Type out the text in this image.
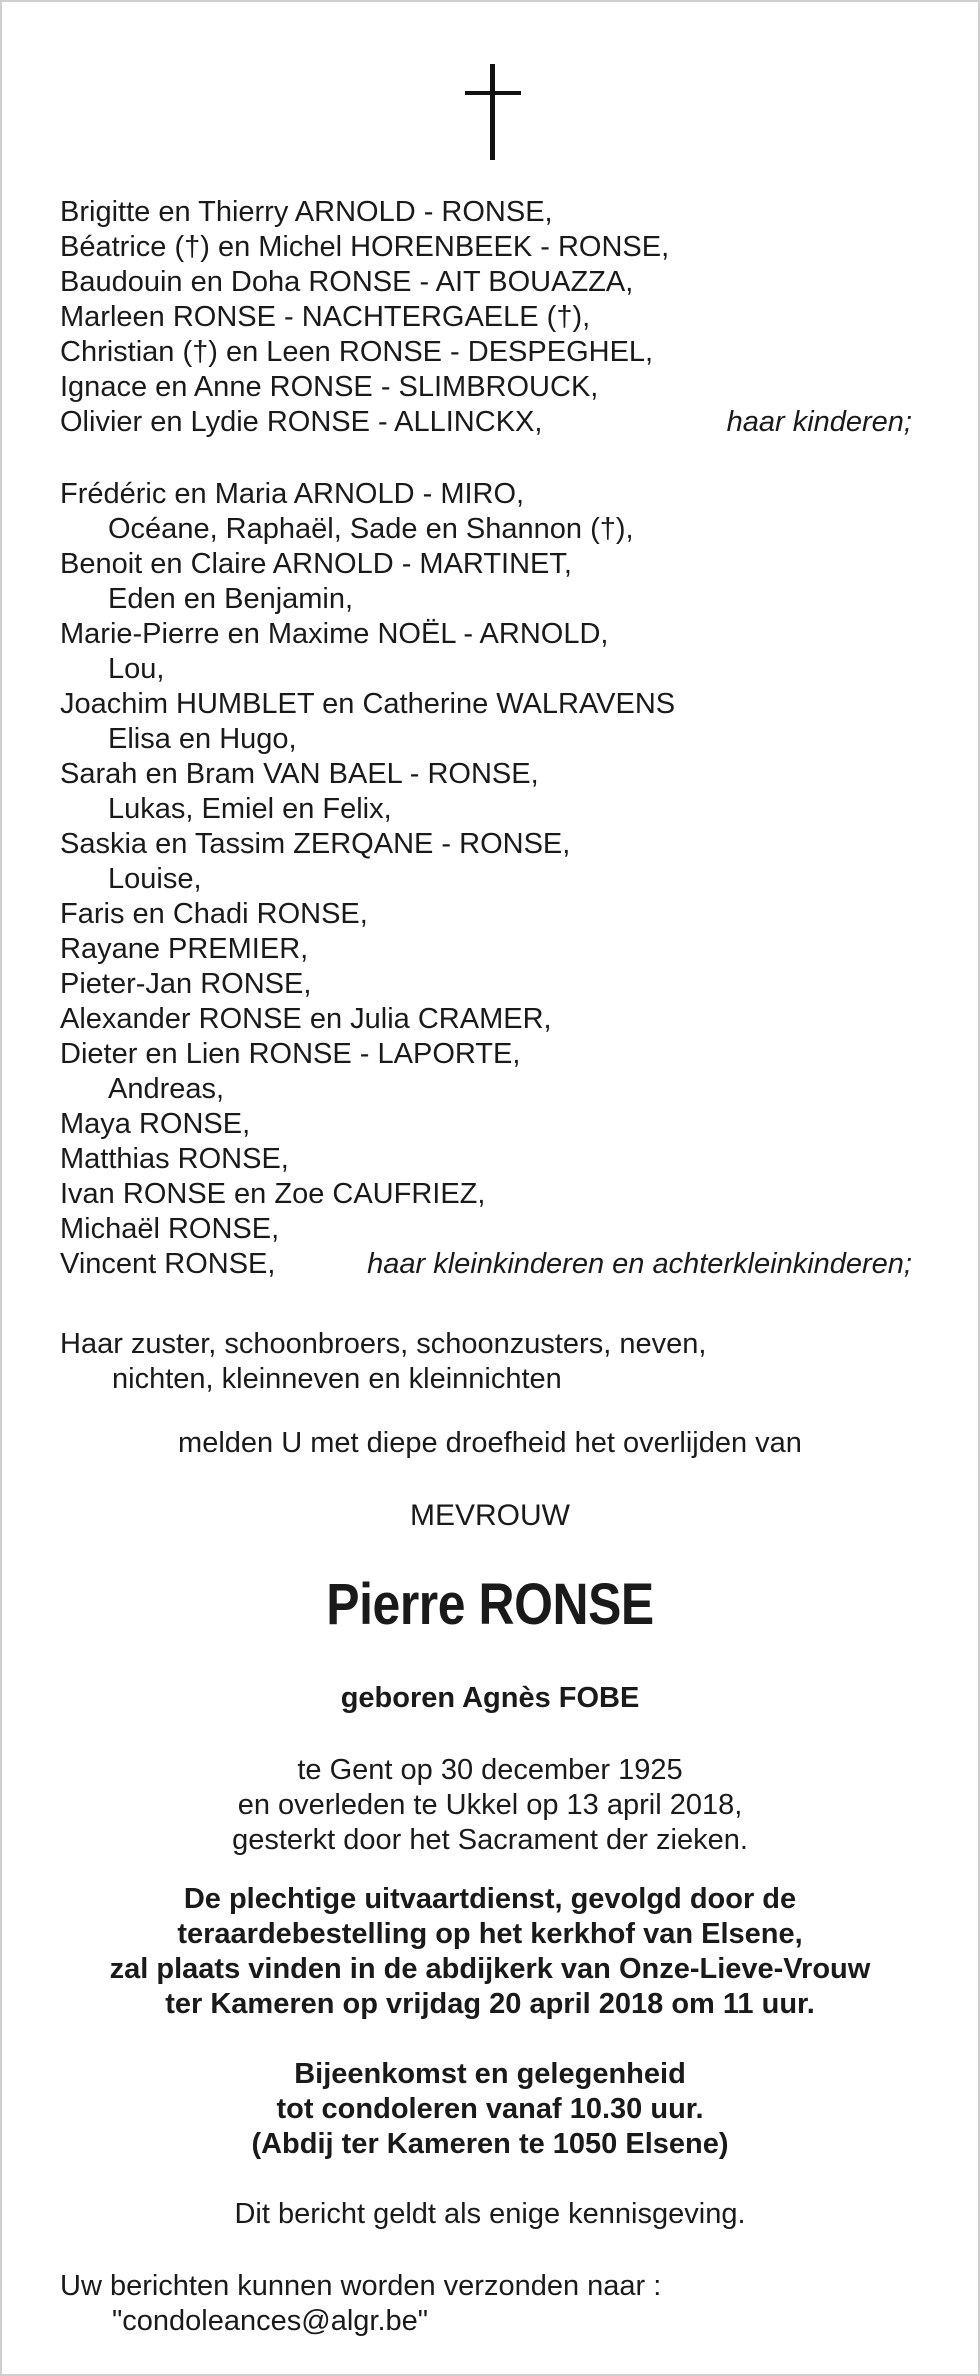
Brigitte en Thierry ARNOLD - RONSE,
Béatrice (†) en Michel HORENBEEK - RONSE,
Baudouin en Doha RONSE - AIT BOUAZZA,
Marleen RONSE - NACHTERGAELE (†),
Christian (†) en Leen RONSE - DESPEGHEL,
Ignace en Anne RONSE - SLIMBROUCK,
Olivier en Lydie RONSE - ALLINCKX,	haar kinderen;
Frédéric en Maria ARNOLD - MIRO,
Océane, Raphaël, Sade en Shannon (†),
Benoit en Claire ARNOLD - MARTINET,
Eden en Benjamin,
Marie-Pierre en Maxime NOËL - ARNOLD,
Lou,
Joachim HUMBLET en Catherine WALRAVENS
Elisa en Hugo,
Sarah en Bram VAN BAEL - RONSE,
Lukas, Emiel en Felix,
Saskia en Tassim ZERQANE - RONSE,
Louise,
Faris en Chadi RONSE,
Rayane PREMIER,
Pieter-Jan RONSE,
Alexander RONSE en Julia CRAMER,
Dieter en Lien RONSE - LAPORTE,
Andreas,
Maya RONSE,
Matthias RONSE,
Ivan RONSE en Zoe CAUFRIEZ,
Michaël RONSE,
Vincent RONSE,	haar kleinkinderen en achterkleinkinderen;
Haar zuster, schoonbroers, schoonzusters, neven,
nichten, kleinneven en kleinnichten
melden U met diepe droefheid het overlijden van
MEVROUW
Pierre RONSE
geboren Agnès FOBE
te Gent op 30 december 1925
en overleden te Ukkel op 13 april 2018,
gesterkt door het Sacrament der zieken.
De plechtige uitvaartdienst, gevolgd door de
teraardebestelling op het kerkhof van Elsene,
zal plaats vinden in de abdijkerk van Onze-Lieve-Vrouw
ter Kameren op vrijdag 20 april 2018 om 11 uur.
Bijeenkomst en gelegenheid
tot condoleren vanaf 10.30 uur.
(Abdij ter Kameren te 1050 Elsene)
Dit bericht geldt als enige kennisgeving.
Uw berichten kunnen worden verzonden naar :
"condoleances@algr.be"
